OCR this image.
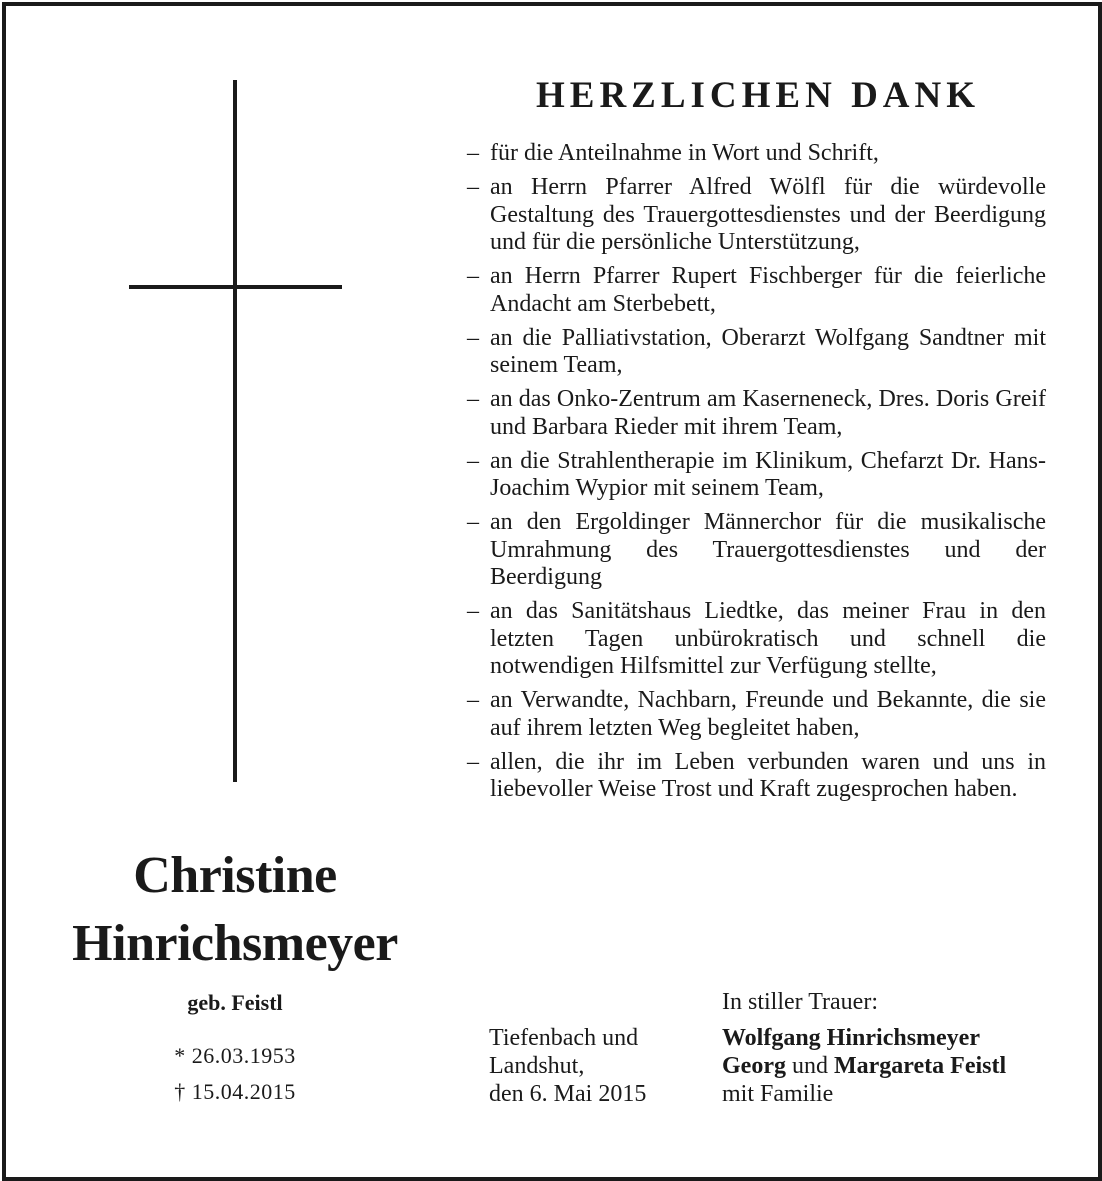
Christine
Hinrichsmeyer
geb. Feistl
* 26.03.1953
† 15.04.2015
HERZLICHEN DANK
– für die Anteilnahme in Wort und Schrift,
– an Herrn Pfarrer Alfred Wölfl für die würdevolle Gestaltung des Trauergottesdienstes und der Beerdigung und für die persönliche Unterstützung,
– an Herrn Pfarrer Rupert Fischberger für die feierliche Andacht am Sterbebett,
– an die Palliativstation, Oberarzt Wolfgang Sandtner mit seinem Team,
– an das Onko-Zentrum am Kaserneneck, Dres. Doris Greif und Barbara Rieder mit ihrem Team,
– an die Strahlentherapie im Klinikum, Chefarzt Dr. Hans-Joachim Wypior mit seinem Team,
– an den Ergoldinger Männerchor für die musikalische Umrahmung des Trauergottesdienstes und der Beerdigung
– an das Sanitätshaus Liedtke, das meiner Frau in den letzten Tagen unbürokratisch und schnell die notwendigen Hilfsmittel zur Verfügung stellte,
– an Verwandte, Nachbarn, Freunde und Bekannte, die sie auf ihrem letzten Weg begleitet haben,
– allen, die ihr im Leben verbunden waren und uns in liebevoller Weise Trost und Kraft zugesprochen haben.
In stiller Trauer:
Tiefenbach und
Landshut,
den 6. Mai 2015
Wolfgang Hinrichsmeyer
Georg und Margareta Feistl
mit Familie
